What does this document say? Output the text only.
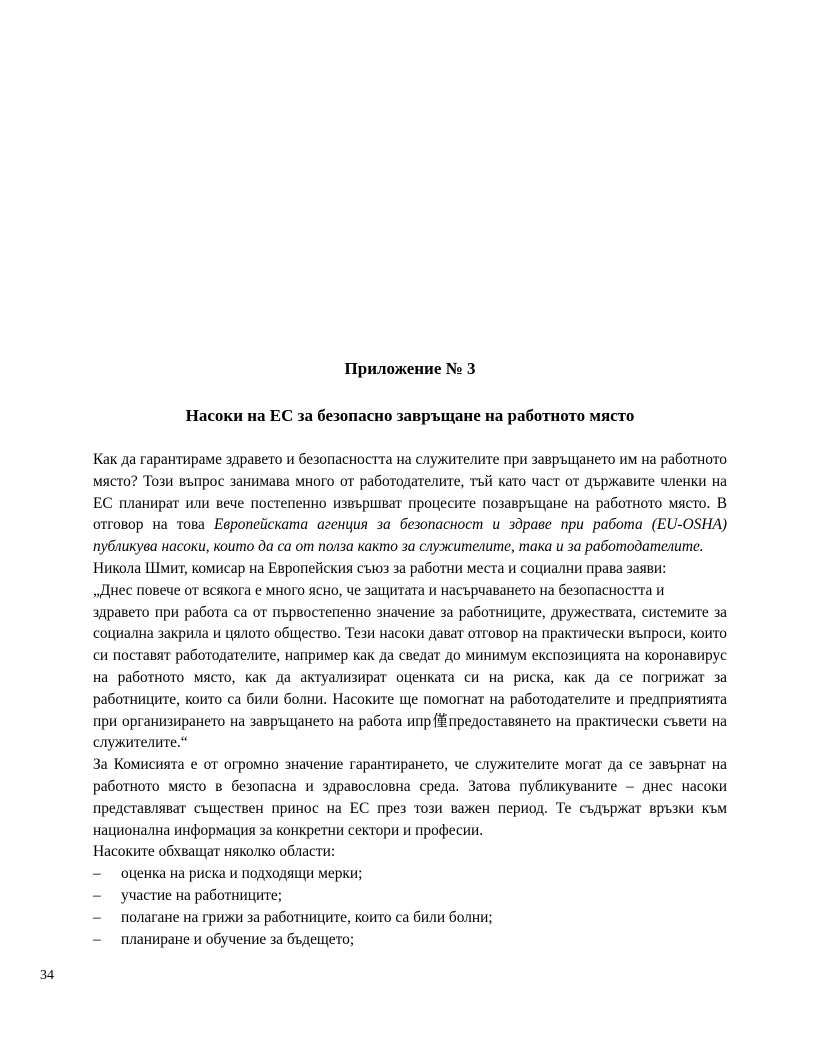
Приложение № 3
Насоки на ЕС за безопасно завръщане на работното място

Как да гарантираме здравето и безопасността на служителите при завръщането им на работното място? Този въпрос занимава много от работодателите, тъй като част от държавите членки на ЕС планират или вече постепенно извършват процесите позавръщане на работното място. В отговор на това Европейската агенция за безопасност и здраве при работа (EU-OSHA) публикува насоки, които да са от полза както за служителите, така и за работодателите.

Никола Шмит, комисар на Европейския съюз за работни места и социални права заяви:

„Днес повече от всякога е много ясно, че защитата и насърчаването на безопасността и

здравето при работа са от първостепенно значение за работниците, дружествата, системите за социална закрила и цялото общество. Тези насоки дават отговор на практически въпроси, които си поставят работодателите, например как да сведат до минимум експозицията на коронавирус на работното място, как да актуализират оценката си на риска, как да се погрижат за работниците, които са били болни. Насоките ще помогнат на работодателите и предприятията при организирането на завръщането на работа ипр僅предоставянето на практически съвети на служителите.“

За Комисията е от огромно значение гарантирането, че служителите могат да се завърнат на работното място в безопасна и здравословна среда. Затова публикуваните – днес насоки представляват съществен принос на ЕС през този важен период. Те съдържат връзки към национална информация за конкретни сектори и професии.

Насоките обхващат няколко области:

– оценка на риска и подходящи мерки;
– участие на работниците;
– полагане на грижи за работниците, които са били болни;
– планиране и обучение за бъдещето;
34
